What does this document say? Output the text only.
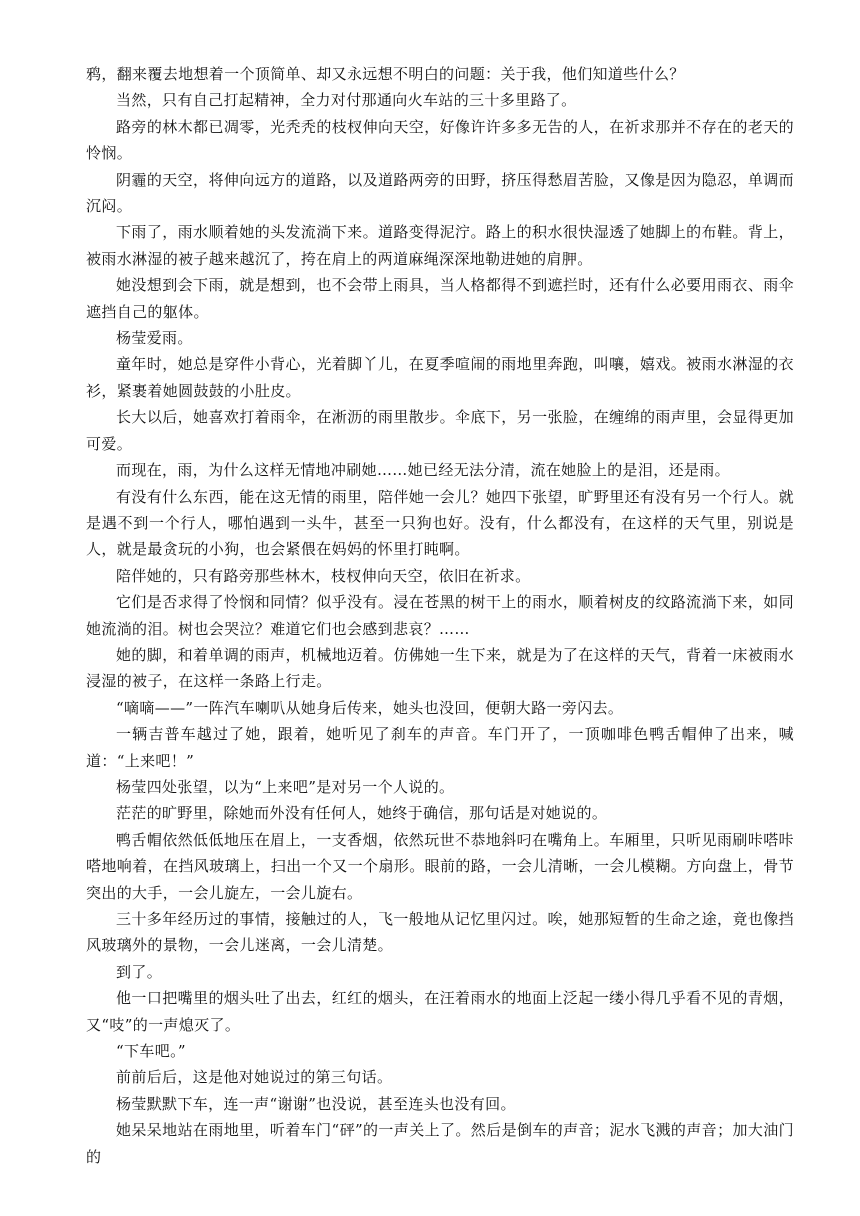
鸦，翻来覆去地想着一个顶简单、却又永远想不明白的问题：关于我，他们知道些什么？

当然，只有自己打起精神，全力对付那通向火车站的三十多里路了。

路旁的林木都已凋零，光秃秃的枝杈伸向天空，好像许许多多无告的人，在祈求那并不存在的老天的怜悯。

阴霾的天空，将伸向远方的道路，以及道路两旁的田野，挤压得愁眉苦脸，又像是因为隐忍，单调而沉闷。

下雨了，雨水顺着她的头发流淌下来。道路变得泥泞。路上的积水很快湿透了她脚上的布鞋。背上，被雨水淋湿的被子越来越沉了，挎在肩上的两道麻绳深深地勒进她的肩胛。

她没想到会下雨，就是想到，也不会带上雨具，当人格都得不到遮拦时，还有什么必要用雨衣、雨伞遮挡自己的躯体。

杨莹爱雨。

童年时，她总是穿件小背心，光着脚丫儿，在夏季喧闹的雨地里奔跑，叫嚷，嬉戏。被雨水淋湿的衣衫，紧裹着她圆鼓鼓的小肚皮。

长大以后，她喜欢打着雨伞，在淅沥的雨里散步。伞底下，另一张脸，在缠绵的雨声里，会显得更加可爱。

而现在，雨，为什么这样无情地冲刷她……她已经无法分清，流在她脸上的是泪，还是雨。

有没有什么东西，能在这无情的雨里，陪伴她一会儿？她四下张望，旷野里还有没有另一个行人。就是遇不到一个行人，哪怕遇到一头牛，甚至一只狗也好。没有，什么都没有，在这样的天气里，别说是人，就是最贪玩的小狗，也会紧偎在妈妈的怀里打盹啊。

陪伴她的，只有路旁那些林木，枝杈伸向天空，依旧在祈求。

它们是否求得了怜悯和同情？似乎没有。浸在苍黑的树干上的雨水，顺着树皮的纹路流淌下来，如同她流淌的泪。树也会哭泣？难道它们也会感到悲哀？……

她的脚，和着单调的雨声，机械地迈着。仿佛她一生下来，就是为了在这样的天气，背着一床被雨水浸湿的被子，在这样一条路上行走。

“嘀嘀——”一阵汽车喇叭从她身后传来，她头也没回，便朝大路一旁闪去。

一辆吉普车越过了她，跟着，她听见了刹车的声音。车门开了，一顶咖啡色鸭舌帽伸了出来，喊道：“上来吧！”

杨莹四处张望，以为“上来吧”是对另一个人说的。

茫茫的旷野里，除她而外没有任何人，她终于确信，那句话是对她说的。

鸭舌帽依然低低地压在眉上，一支香烟，依然玩世不恭地斜叼在嘴角上。车厢里，只听见雨刷咔嗒咔嗒地响着，在挡风玻璃上，扫出一个又一个扇形。眼前的路，一会儿清晰，一会儿模糊。方向盘上，骨节突出的大手，一会儿旋左，一会儿旋右。

三十多年经历过的事情，接触过的人，飞一般地从记忆里闪过。唉，她那短暂的生命之途，竟也像挡风玻璃外的景物，一会儿迷离，一会儿清楚。

到了。

他一口把嘴里的烟头吐了出去，红红的烟头，在汪着雨水的地面上泛起一缕小得几乎看不见的青烟，又“吱”的一声熄灭了。

“下车吧。”

前前后后，这是他对她说过的第三句话。

杨莹默默下车，连一声“谢谢”也没说，甚至连头也没有回。

她呆呆地站在雨地里，听着车门“砰”的一声关上了。然后是倒车的声音；泥水飞溅的声音；加大油门的
